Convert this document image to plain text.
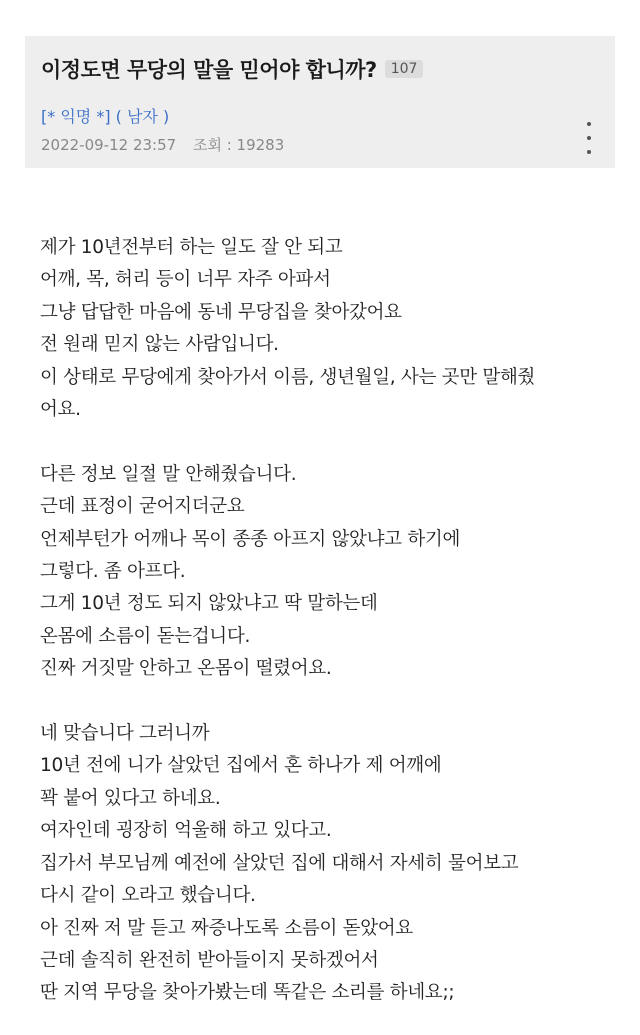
이정도면 무당의 말을 믿어야 합니까?	107
[* 익명 *] ( 남자 )
2022-09-12 23:57 조회 : 19283
제가 10년전부터 하는 일도 잘 안 되고
어깨, 목, 허리 등이 너무 자주 아파서
그냥 답답한 마음에 동네 무당집을 찾아갔어요
전 원래 믿지 않는 사람입니다.
이 상태로 무당에게 찾아가서 이름, 생년월일, 사는 곳만 말해줬
어요.
다른 정보 일절 말 안해줬습니다.
근데 표정이 굳어지더군요
언제부턴가 어깨나 목이 종종 아프지 않았냐고 하기에
그렇다. 좀 아프다.
그게 10년 정도 되지 않았냐고 딱 말하는데
온몸에 소름이 돋는겁니다.
진짜 거짓말 안하고 온몸이 떨렸어요.
네 맞습니다 그러니까
10년 전에 니가 살았던 집에서 혼 하나가 제 어깨에
꽉 붙어 있다고 하네요.
여자인데 굉장히 억울해 하고 있다고.
집가서 부모님께 예전에 살았던 집에 대해서 자세히 물어보고
다시 같이 오라고 했습니다.
아 진짜 저 말 듣고 짜증나도록 소름이 돋았어요
근데 솔직히 완전히 받아들이지 못하겠어서
딴 지역 무당을 찾아가봤는데 똑같은 소리를 하네요;;
